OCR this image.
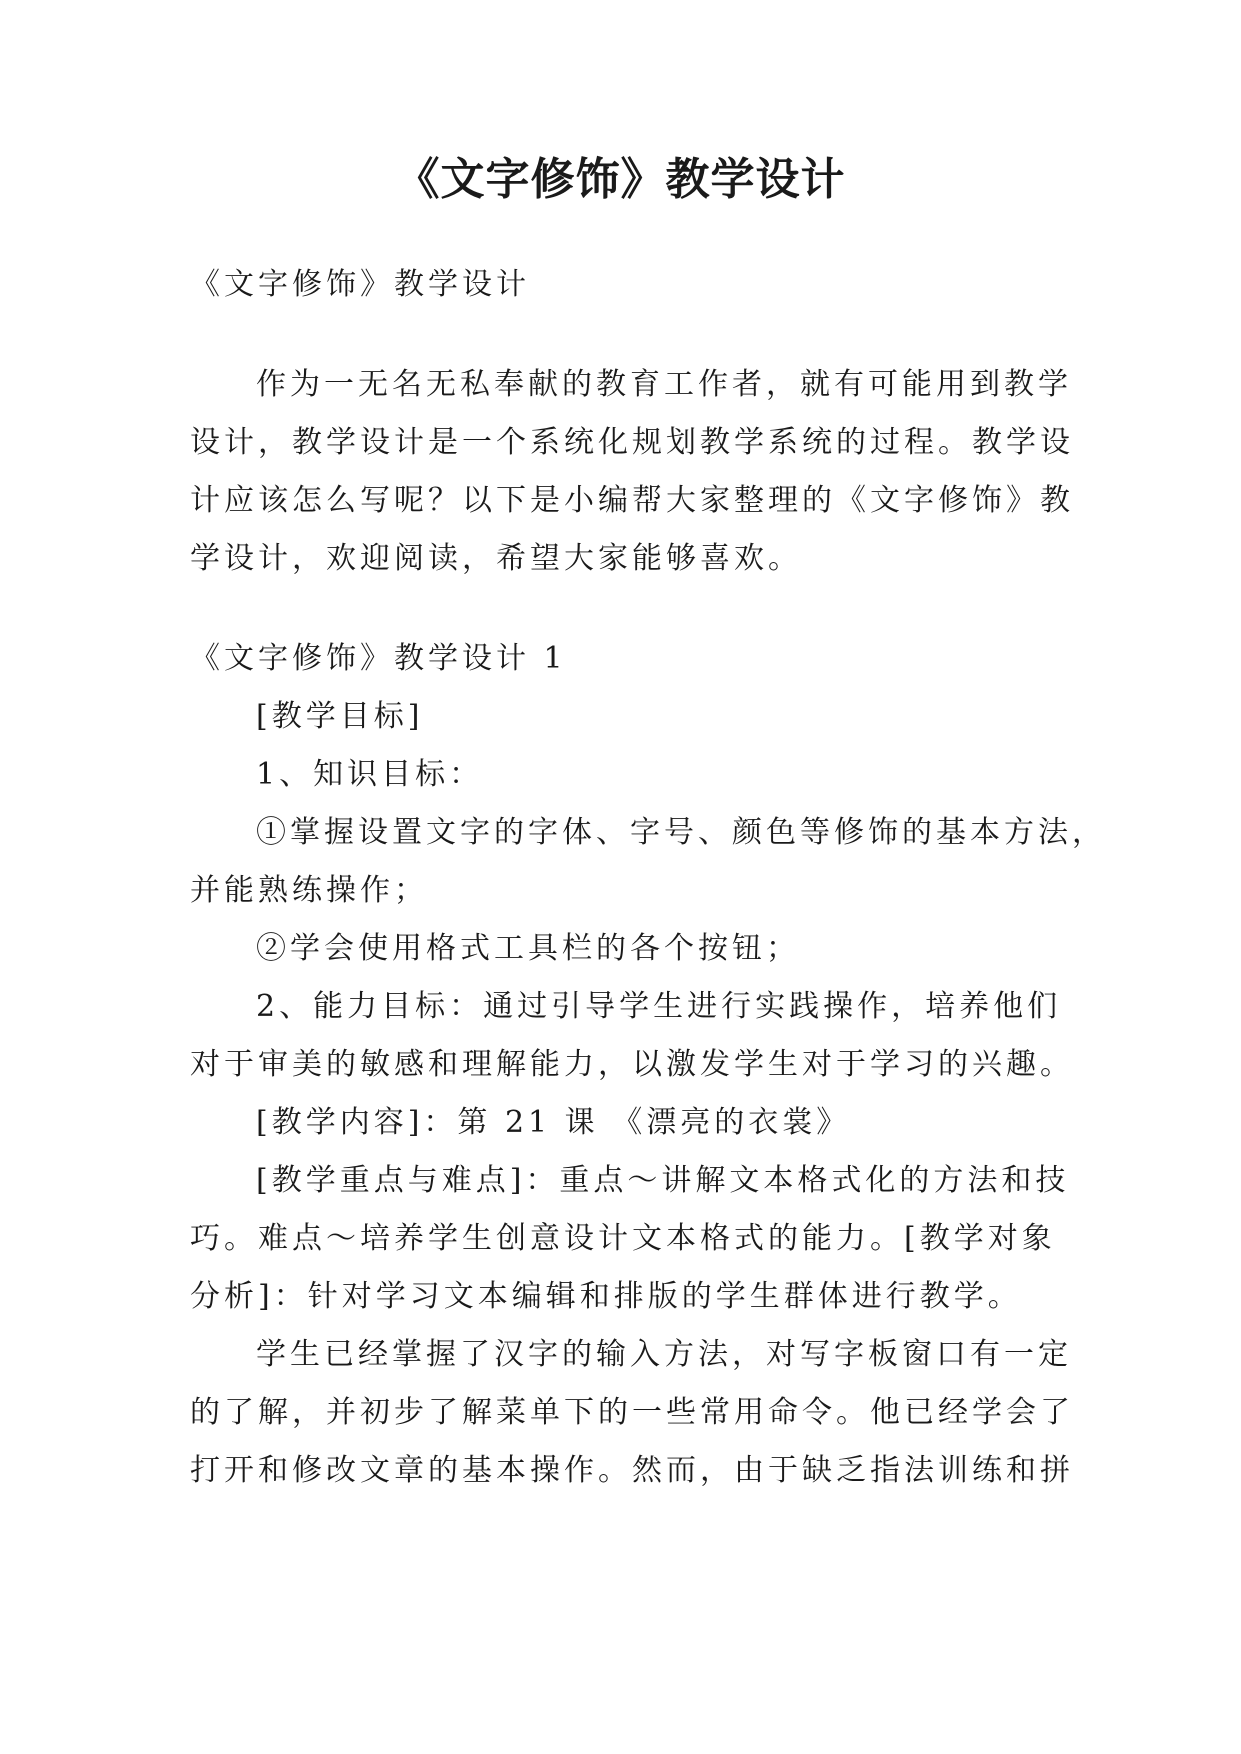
《文字修饰》教学设计

《文字修饰》教学设计

作为一无名无私奉献的教育工作者，就有可能用到教学

设计，教学设计是一个系统化规划教学系统的过程。教学设

计应该怎么写呢？以下是小编帮大家整理的《文字修饰》教

学设计，欢迎阅读，希望大家能够喜欢。

《文字修饰》教学设计 1

[教学目标]

1、知识目标：

①掌握设置文字的字体、字号、颜色等修饰的基本方法，

并能熟练操作；

②学会使用格式工具栏的各个按钮；

2、能力目标：通过引导学生进行实践操作，培养他们

对于审美的敏感和理解能力，以激发学生对于学习的兴趣。

[教学内容]：第 21 课 《漂亮的衣裳》

[教学重点与难点]：重点～讲解文本格式化的方法和技

巧。难点～培养学生创意设计文本格式的能力。[教学对象

分析]：针对学习文本编辑和排版的学生群体进行教学。

学生已经掌握了汉字的输入方法，对写字板窗口有一定

的了解，并初步了解菜单下的一些常用命令。他已经学会了

打开和修改文章的基本操作。然而，由于缺乏指法训练和拼
